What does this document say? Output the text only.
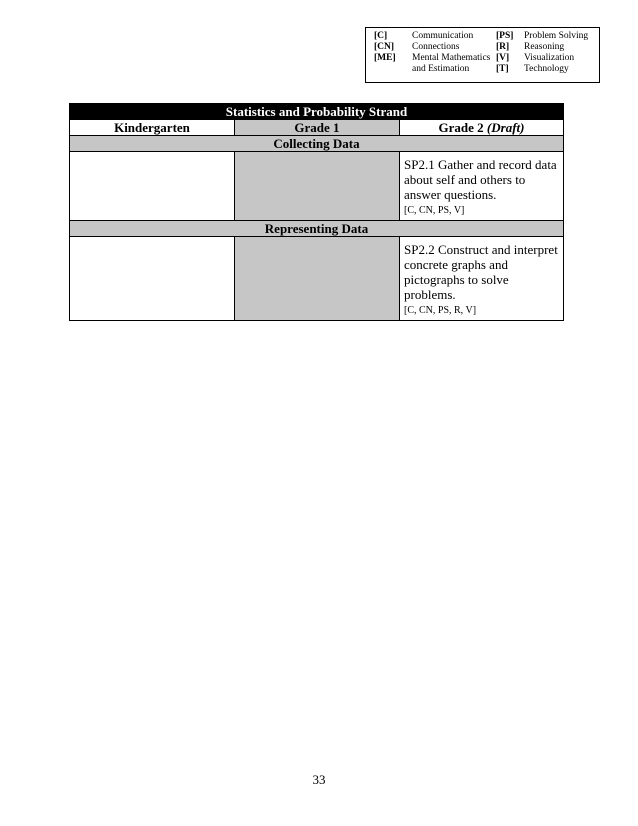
[C]	Communication	[PS]	Problem Solving
[CN]	Connections	[R]	Reasoning
[ME]	Mental Mathematics	[V]	Visualization
	and Estimation	[T]	Technology
Statistics and Probability Strand		
Kindergarten	Grade 1	Grade 2 (Draft)
Collecting Data		

		SP2.1 Gather and record data about self and others to answer questions.
[C, CN, PS, V]

Representing Data		

		SP2.2 Construct and interpret concrete graphs and pictographs to solve problems.
[C, CN, PS, R, V]
33
